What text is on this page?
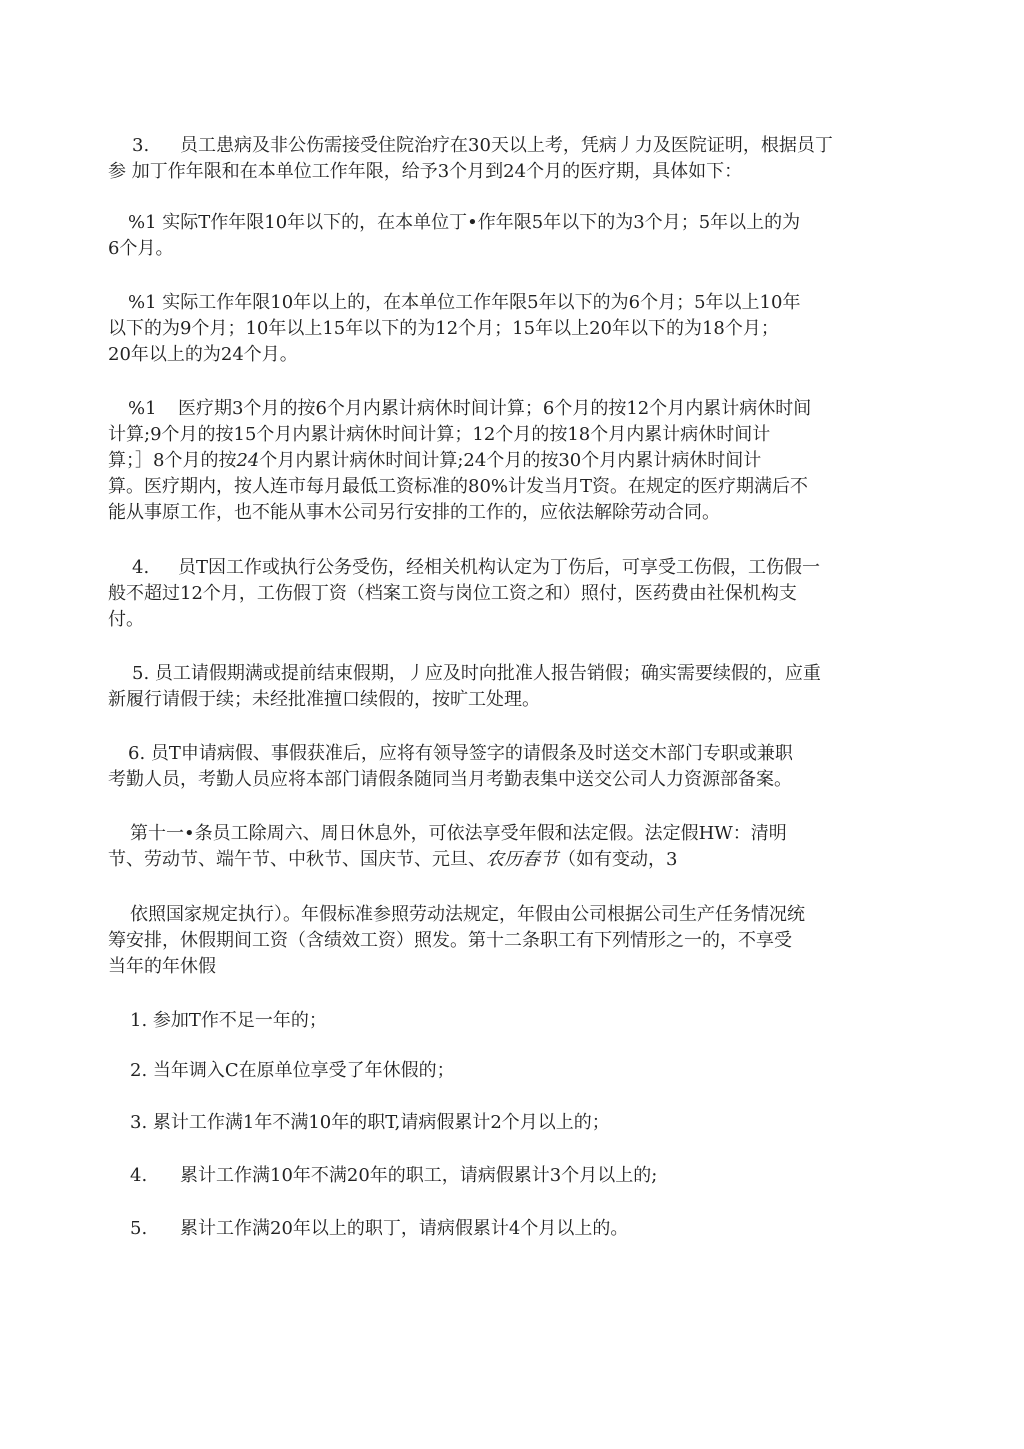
3. 员工患病及非公伤需接受住院治疗在30天以上考，凭病丿力及医院证明，根据员丁
参 加丁作年限和在本单位工作年限，给予3个月到24个月的医疗期，具体如下：
%1 实际T作年限10年以下的，在本单位丁•作年限5年以下的为3个月；5年以上的为
6个月。
%1 实际工作年限10年以上的，在本单位工作年限5年以下的为6个月；5年以上10年
以下的为9个月；10年以上15年以下的为12个月；15年以上20年以下的为18个月；
20年以上的为24个月。
%1 医疗期3个月的按6个月内累计病休时间计算；6个月的按12个月内累计病休时间
计算;9个月的按15个月内累计病休时间计算；12个月的按18个月内累计病休时间计
算；］8个月的按24个月内累计病休时间计算;24个月的按30个月内累计病休时间计
算。医疗期内，按人连市每月最低工资标准的80%计发当月T资。在规定的医疗期满后不
能从事原工作，也不能从事木公司另行安排的工作的，应依法解除劳动合同。
4. 员T因工作或执行公务受伤，经相关机构认定为丁伤后，可享受工伤假，工伤假一
般不超过12个月，工伤假丁资（档案工资与岗位工资之和）照付，医药费由社保机构支
付。
5. 员工请假期满或提前结束假期，丿应及时向批准人报告销假；确实需要续假的，应重
新履行请假于续；未经批准擅口续假的，按旷工处理。
6. 员T申请病假、事假获准后，应将有领导签字的请假条及时送交木部门专职或兼职
考勤人员，考勤人员应将本部门请假条随同当月考勤表集中送交公司人力资源部备案。
第十一•条员工除周六、周日休息外，可依法享受年假和法定假。法定假HW：清明
节、劳动节、端午节、中秋节、国庆节、元旦、农历春节（如有变动，3
依照国家规定执行）。年假标准参照劳动法规定，年假由公司根据公司生产任务情况统
筹安排，休假期间工资（含绩效工资）照发。第十二条职工有下列情形之一的，不享受
当年的年休假
1. 参加T作不足一年的；
2. 当年调入C在原单位享受了年休假的；
3. 累计工作满1年不满10年的职T,请病假累计2个月以上的；
4. 累计工作满10年不满20年的职工，请病假累计3个月以上的;
5. 累计工作满20年以上的职丁，请病假累计4个月以上的。
